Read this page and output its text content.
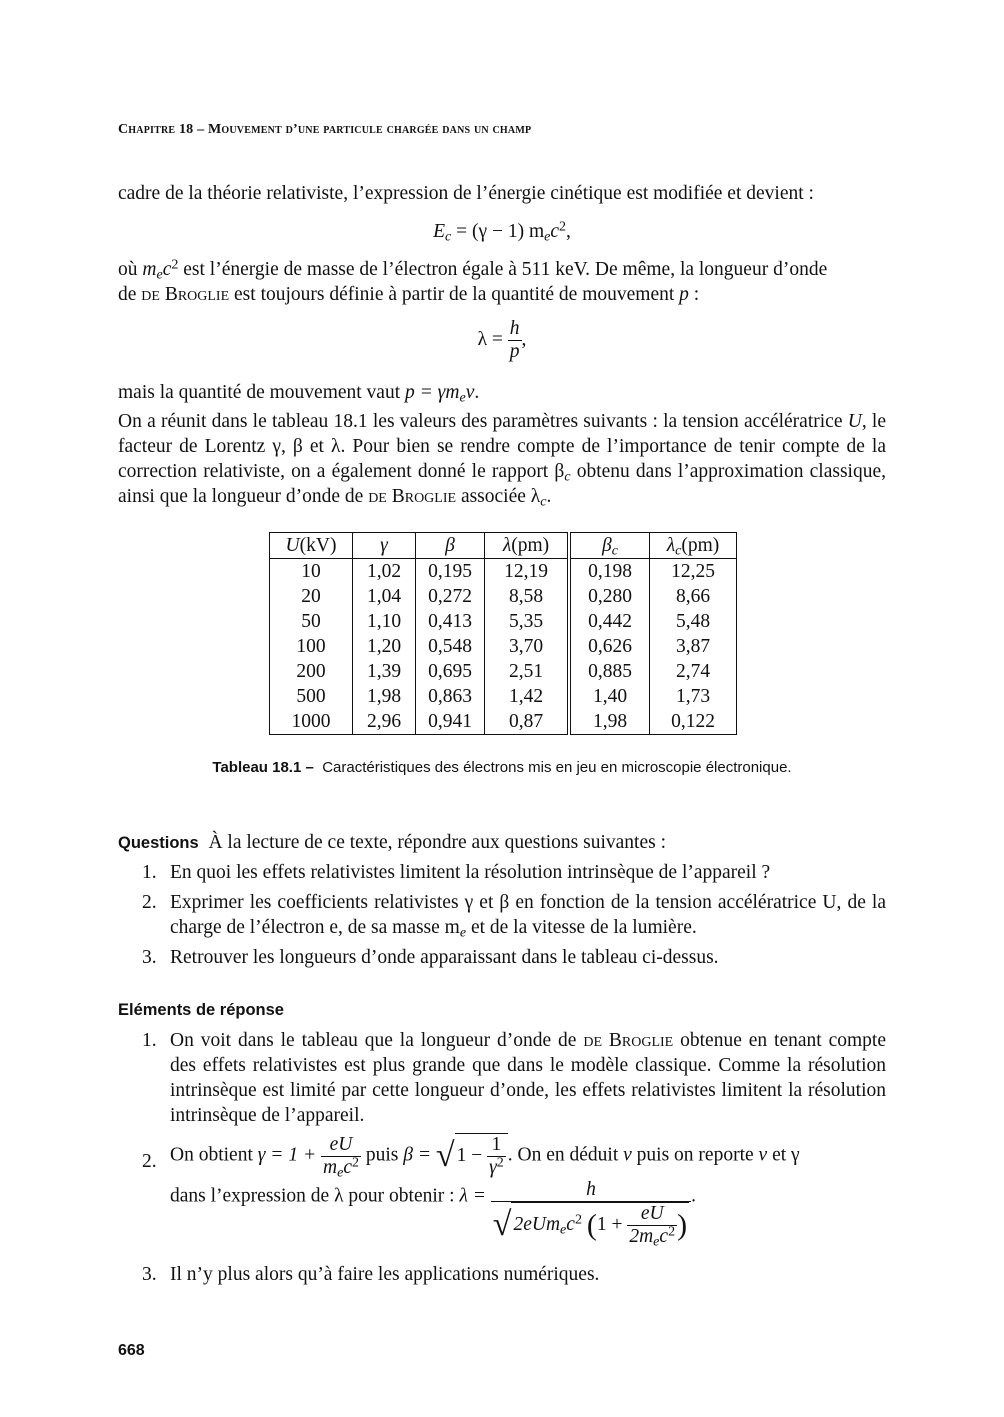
Chapitre 18 – Mouvement d’une particule chargée dans un champ
cadre de la théorie relativiste, l’expression de l’énergie cinétique est modifiée et devient :
$E_c = (\gamma - 1)$ $m_ec^2$,
où $m_ec^2$ est l’énergie de masse de l’électron égale à 511 keV. De même, la longueur d’onde
de de Broglie est toujours définie à partir de la quantité de mouvement p :
$\lambda = \frac{h}{p}$ ,
mais la quantité de mouvement vaut $p = \gamma m_ev$.
On a réunit dans le tableau 18.1 les valeurs des paramètres suivants : la tension accélératrice U, le facteur de Lorentz γ, β et λ. Pour bien se rendre compte de l’importance de tenir compte de la correction relativiste, on a également donné le rapport $\beta_c$ obtenu dans l’approximation classique, ainsi que la longueur d’onde de de Broglie associée $\lambda_c$.
U(kV)	γ	β	λ(pm)	$\beta_c$	$\lambda_c(pm)$
10	1,02	0,195	12,19	0,198	12,25
20	1,04	0,272	8,58	0,280	8,66
50	1,10	0,413	5,35	0,442	5,48
100	1,20	0,548	3,70	0,626	3,87
200	1,39	0,695	2,51	0,885	2,74
500	1,98	0,863	1,42	1,40	1,73
1000	2,96	0,941	0,87	1,98	0,122
Tableau 18.1 – Caractéristiques des électrons mis en jeu en microscopie électronique.
Questions À la lecture de ce texte, répondre aux questions suivantes :
1. En quoi les effets relativistes limitent la résolution intrinsèque de l’appareil ?
2. Exprimer les coefficients relativistes γ et β en fonction de la tension accélératrice U, de la charge de l’électron e, de sa masse $m_e$ et de la vitesse de la lumière.
3. Retrouver les longueurs d’onde apparaissant dans le tableau ci-dessus.
Eléments de réponse
1. On voit dans le tableau que la longueur d’onde de de Broglie obtenue en tenant compte des effets relativistes est plus grande que dans le modèle classique. Comme la résolution intrinsèque est limité par cette longueur d’onde, les effets relativistes limitent la résolution intrinsèque de l’appareil.
2. On obtient $\gamma = 1 + \frac{eU}{m_ec^2}$ puis β = √ $1 - \frac{1}{\gamma^2}$ . On en déduit v puis on reporte v et γ
dans l’expression de λ pour obtenir : $\lambda = \frac{h}{√ 2eUm_ec^2 (1 + \frac{eU}{2m_ec^2} )}$ .
3. Il n’y plus alors qu’à faire les applications numériques.
668
